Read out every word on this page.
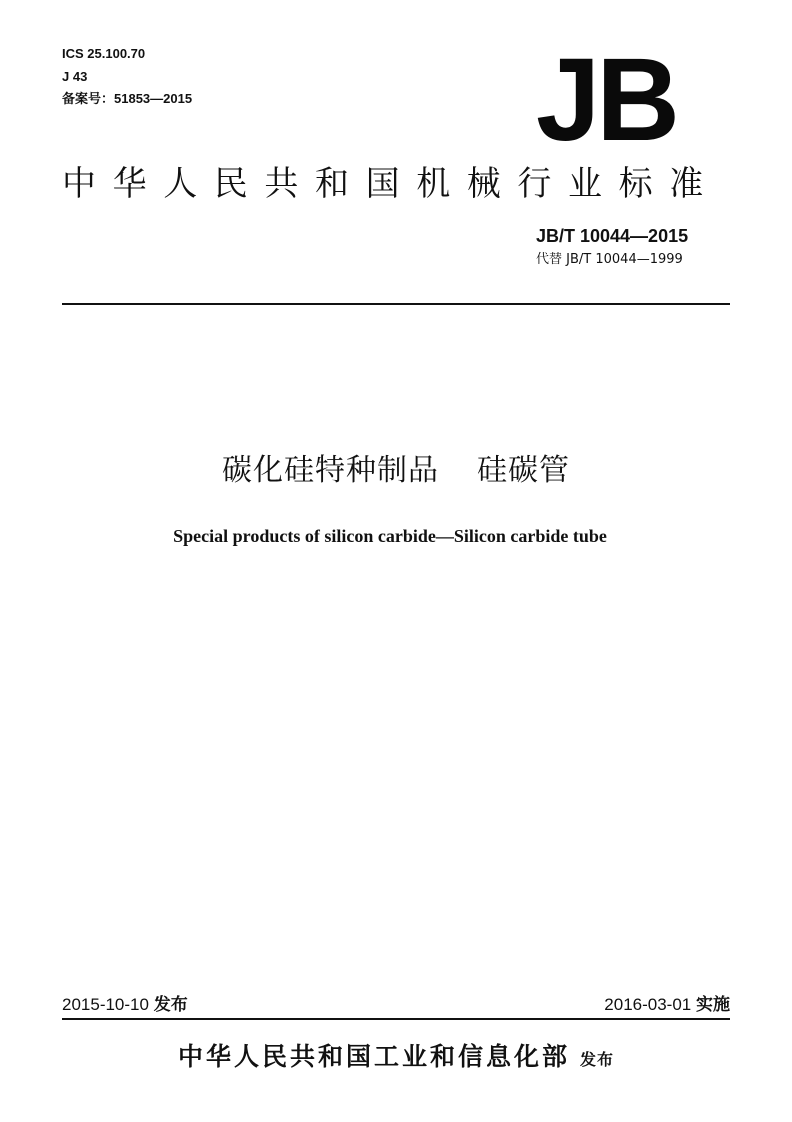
ICS 25.100.70
J 43
备案号：51853—2015	JB
中华人民共和国机械行业标准
JB/T 10044—2015
代替 JB/T 10044—1999
碳化硅特种制品 硅碳管
Special products of silicon carbide—Silicon carbide tube
2015-10-10 发布	2016-03-01 实施
中华人民共和国工业和信息化部 发布
